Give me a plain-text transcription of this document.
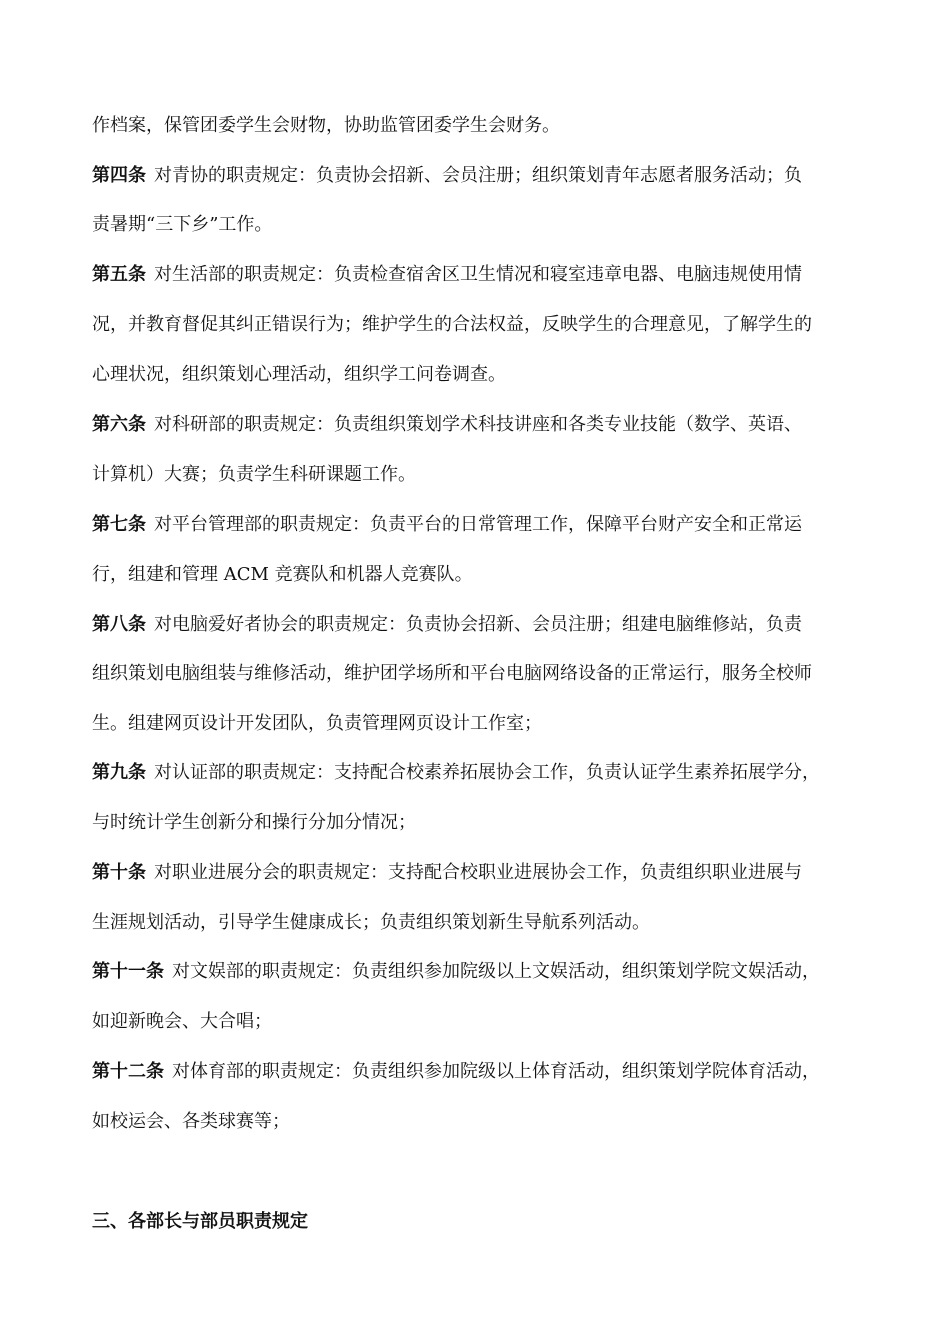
作档案，保管团委学生会财物，协助监管团委学生会财务。
第四条 对青协的职责规定：负责协会招新、会员注册；组织策划青年志愿者服务活动；负
责暑期“三下乡”工作。
第五条 对生活部的职责规定：负责检查宿舍区卫生情况和寝室违章电器、电脑违规使用情
况，并教育督促其纠正错误行为；维护学生的合法权益，反映学生的合理意见，了解学生的
心理状况，组织策划心理活动，组织学工问卷调查。
第六条 对科研部的职责规定：负责组织策划学术科技讲座和各类专业技能（数学、英语、
计算机）大赛；负责学生科研课题工作。
第七条 对平台管理部的职责规定：负责平台的日常管理工作，保障平台财产安全和正常运
行，组建和管理 ACM 竞赛队和机器人竞赛队。
第八条 对电脑爱好者协会的职责规定：负责协会招新、会员注册；组建电脑维修站，负责
组织策划电脑组装与维修活动，维护团学场所和平台电脑网络设备的正常运行，服务全校师
生。组建网页设计开发团队，负责管理网页设计工作室；
第九条 对认证部的职责规定：支持配合校素养拓展协会工作，负责认证学生素养拓展学分，
与时统计学生创新分和操行分加分情况；
第十条 对职业进展分会的职责规定：支持配合校职业进展协会工作，负责组织职业进展与
生涯规划活动，引导学生健康成长；负责组织策划新生导航系列活动。
第十一条 对文娱部的职责规定：负责组织参加院级以上文娱活动，组织策划学院文娱活动，
如迎新晚会、大合唱；
第十二条 对体育部的职责规定：负责组织参加院级以上体育活动，组织策划学院体育活动，
如校运会、各类球赛等；
三、各部长与部员职责规定
